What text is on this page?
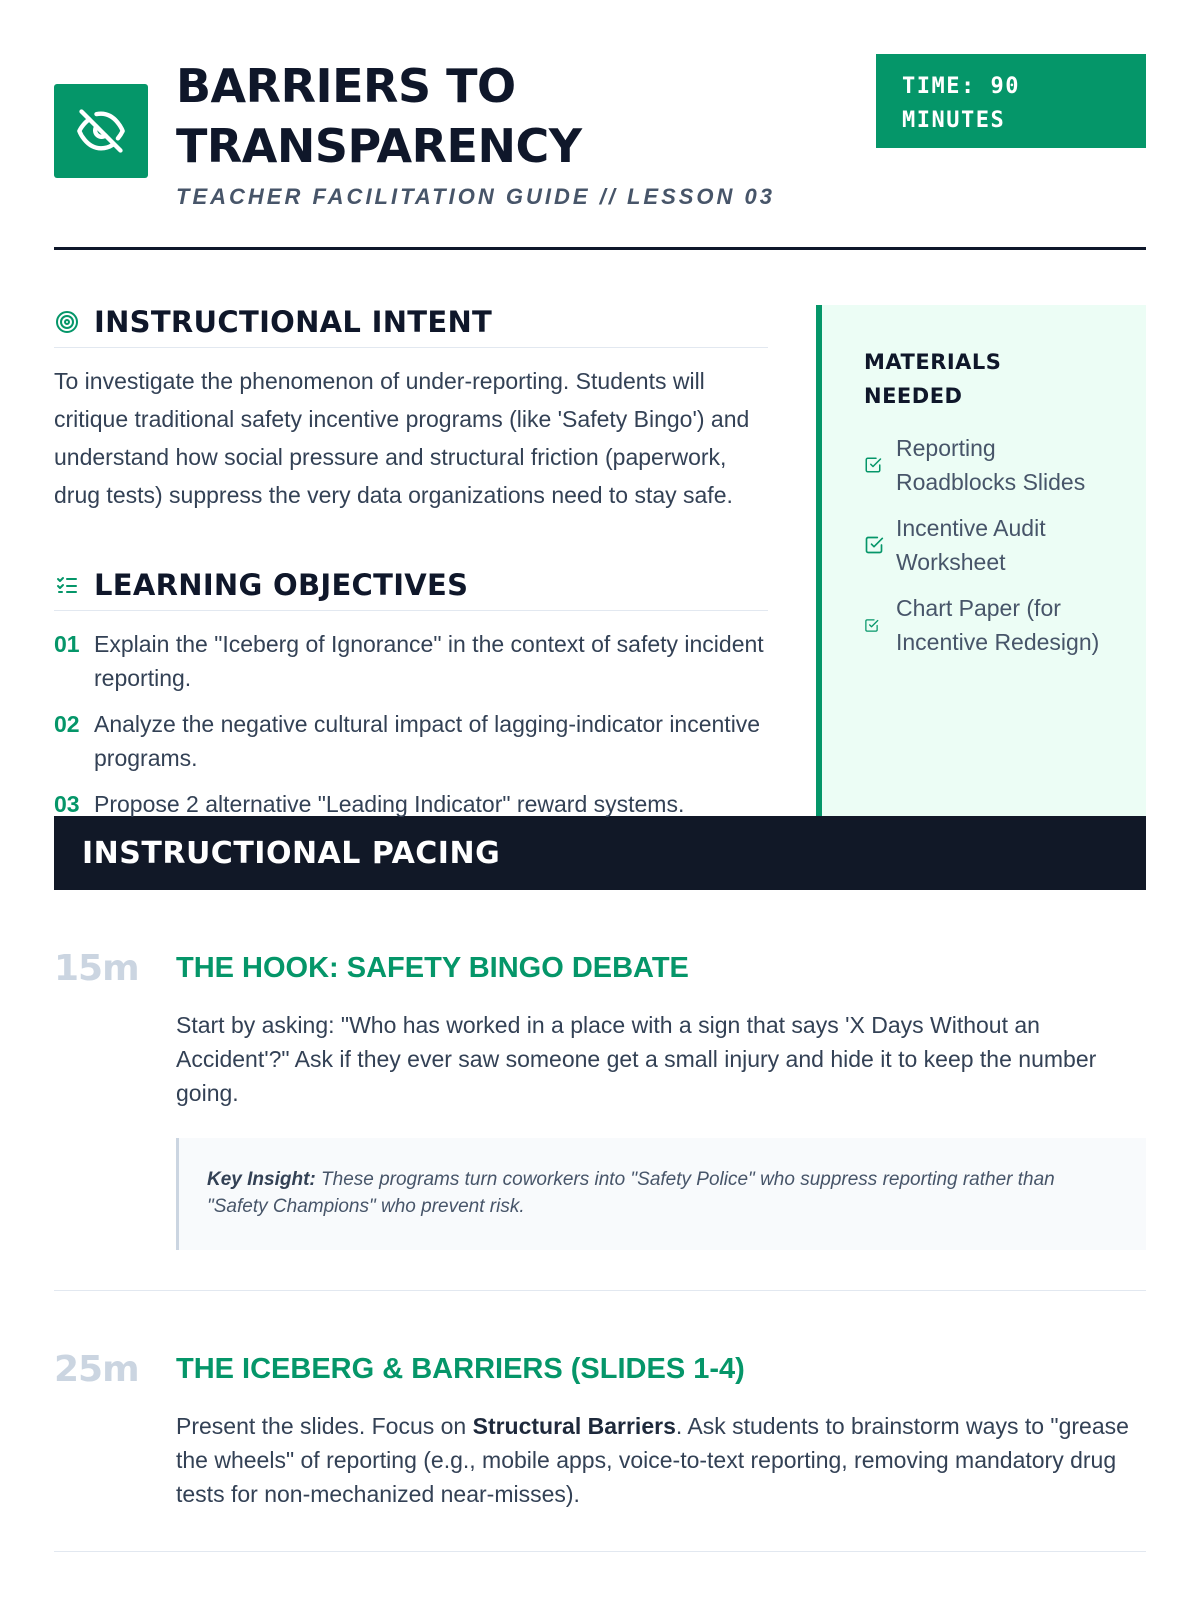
BARRIERS TO TRANSPARENCY
TEACHER FACILITATION GUIDE // LESSON 03
TIME: 90 MINUTES
INSTRUCTIONAL INTENT

To investigate the phenomenon of under-reporting. Students will critique traditional safety incentive programs (like 'Safety Bingo') and understand how social pressure and structural friction (paperwork, drug tests) suppress the very data organizations need to stay safe.

LEARNING OBJECTIVES
01 Explain the "Iceberg of Ignorance" in the context of safety incident reporting.
02 Analyze the negative cultural impact of lagging-indicator incentive programs.
03 Propose 2 alternative "Leading Indicator" reward systems.
MATERIALS NEEDED
Reporting Roadblocks Slides
Incentive Audit Worksheet
Chart Paper (for Incentive Redesign)
INSTRUCTIONAL PACING
15m THE HOOK: SAFETY BINGO DEBATE

Start by asking: "Who has worked in a place with a sign that says 'X Days Without an Accident'?" Ask if they ever saw someone get a small injury and hide it to keep the number going.

Key Insight: These programs turn coworkers into "Safety Police" who suppress reporting rather than "Safety Champions" who prevent risk.
25m THE ICEBERG & BARRIERS (SLIDES 1-4)

Present the slides. Focus on Structural Barriers. Ask students to brainstorm ways to "grease the wheels" of reporting (e.g., mobile apps, voice-to-text reporting, removing mandatory drug tests for non-mechanized near-misses).
